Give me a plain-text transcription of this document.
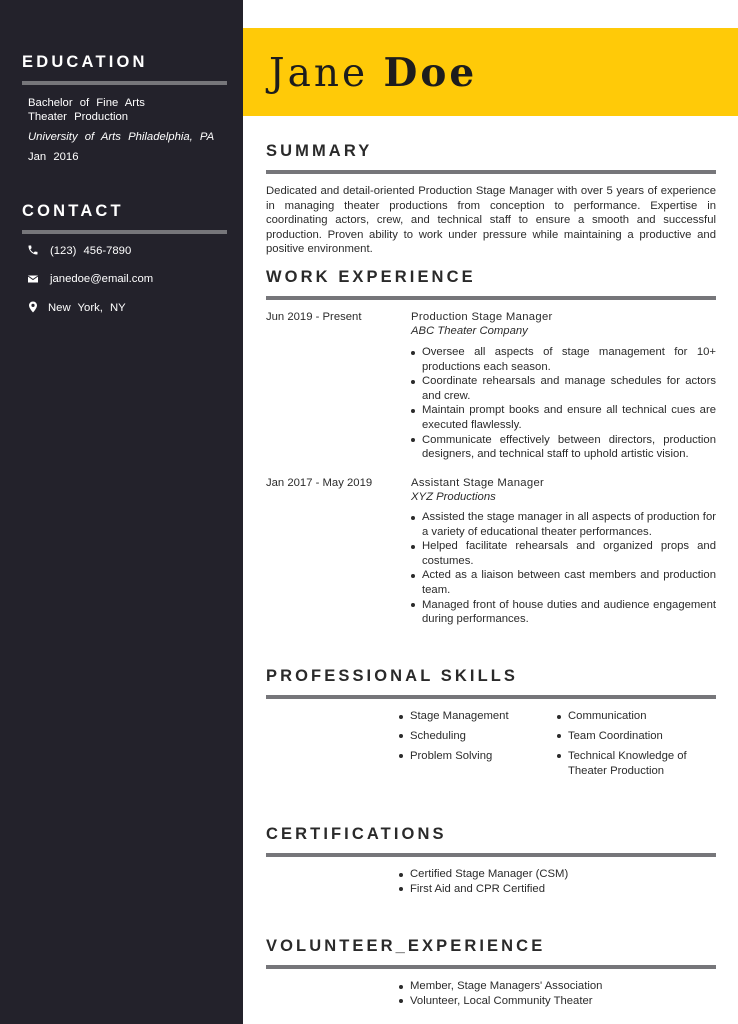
EDUCATION
Bachelor of Fine Arts
Theater Production
University of Arts Philadelphia, PA
Jan 2016
CONTACT
(123) 456-7890
janedoe@email.com
New York, NY
Jane Doe
SUMMARY
Dedicated and detail-oriented Production Stage Manager with over 5 years of experience in managing theater productions from conception to performance. Expertise in coordinating actors, crew, and technical staff to ensure a smooth and successful production. Proven ability to work under pressure while maintaining a productive and positive environment.
WORK EXPERIENCE
Jun 2019 - Present	Production Stage Manager
ABC Theater Company
Oversee all aspects of stage management for 10+ productions each season.
Coordinate rehearsals and manage schedules for actors and crew.
Maintain prompt books and ensure all technical cues are executed flawlessly.
Communicate effectively between directors, production designers, and technical staff to uphold artistic vision.
Jan 2017 - May 2019	Assistant Stage Manager
XYZ Productions
Assisted the stage manager in all aspects of production for a variety of educational theater performances.
Helped facilitate rehearsals and organized props and costumes.
Acted as a liaison between cast members and production team.
Managed front of house duties and audience engagement during performances.
PROFESSIONAL SKILLS
Stage Management
Scheduling
Problem Solving
Communication
Team Coordination
Technical Knowledge of Theater Production
CERTIFICATIONS
Certified Stage Manager (CSM)
First Aid and CPR Certified
VOLUNTEER_EXPERIENCE
Member, Stage Managers' Association
Volunteer, Local Community Theater
